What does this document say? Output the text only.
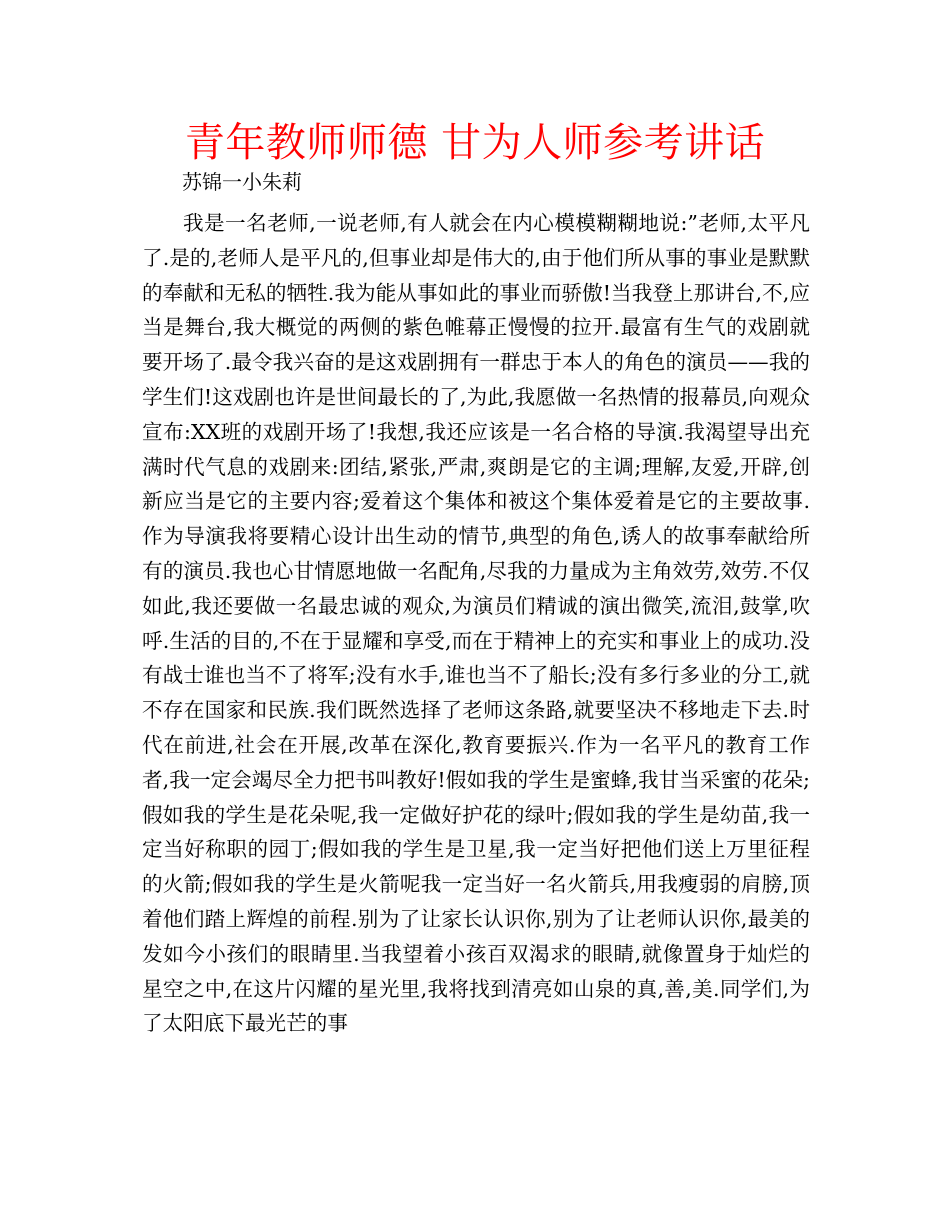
青年教师师德 甘为人师参考讲话
苏锦一小朱莉

我是一名老师,一说老师,有人就会在内心模模糊糊地说:”老师,太平凡了.是的,老师人是平凡的,但事业却是伟大的,由于他们所从事的事业是默默的奉献和无私的牺牲.我为能从事如此的事业而骄傲!当我登上那讲台,不,应当是舞台,我大概觉的两侧的紫色帷幕正慢慢的拉开.最富有生气的戏剧就要开场了.最令我兴奋的是这戏剧拥有一群忠于本人的角色的演员——我的学生们!这戏剧也许是世间最长的了,为此,我愿做一名热情的报幕员,向观众宣布:XX班的戏剧开场了!我想,我还应该是一名合格的导演.我渴望导出充满时代气息的戏剧来:团结,紧张,严肃,爽朗是它的主调;理解,友爱,开辟,创新应当是它的主要内容;爱着这个集体和被这个集体爱着是它的主要故事.作为导演我将要精心设计出生动的情节,典型的角色,诱人的故事奉献给所有的演员.我也心甘情愿地做一名配角,尽我的力量成为主角效劳,效劳.不仅如此,我还要做一名最忠诚的观众,为演员们精诚的演出微笑,流泪,鼓掌,吹呼.生活的目的,不在于显耀和享受,而在于精神上的充实和事业上的成功.没有战士谁也当不了将军;没有水手,谁也当不了船长;没有多行多业的分工,就不存在国家和民族.我们既然选择了老师这条路,就要坚决不移地走下去.时代在前进,社会在开展,改革在深化,教育要振兴.作为一名平凡的教育工作者,我一定会竭尽全力把书叫教好!假如我的学生是蜜蜂,我甘当采蜜的花朵;假如我的学生是花朵呢,我一定做好护花的绿叶;假如我的学生是幼苗,我一定当好称职的园丁;假如我的学生是卫星,我一定当好把他们送上万里征程的火箭;假如我的学生是火箭呢我一定当好一名火箭兵,用我瘦弱的肩膀,顶着他们踏上辉煌的前程.别为了让家长认识你,别为了让老师认识你,最美的发如今小孩们的眼睛里.当我望着小孩百双渴求的眼睛,就像置身于灿烂的星空之中,在这片闪耀的星光里,我将找到清亮如山泉的真,善,美.同学们,为了太阳底下最光芒的事
